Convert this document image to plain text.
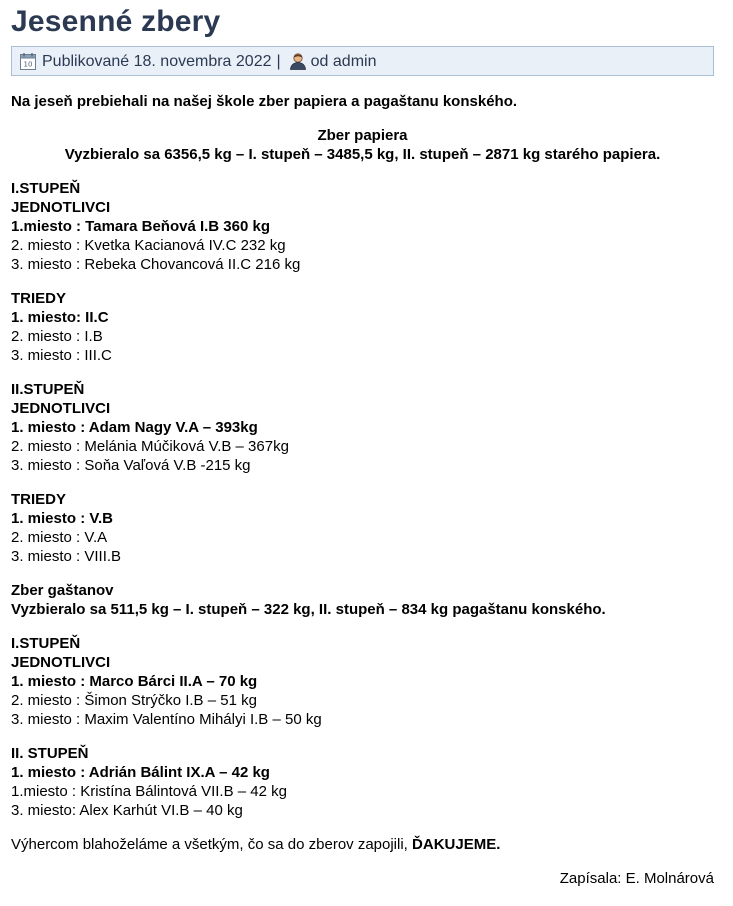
Jesenné zbery
10 Publikované 18. novembra 2022 | od admin
Na jeseň prebiehali na našej škole zber papiera a pagaštanu konského.
Zber papiera
Vyzbieralo sa 6356,5 kg – I. stupeň – 3485,5 kg, II. stupeň – 2871 kg starého papiera.
I.STUPEŇ
JEDNOTLIVCI
1.miesto : Tamara Beňová I.B 360 kg
2. miesto : Kvetka Kacianová IV.C 232 kg
3. miesto : Rebeka Chovancová II.C 216 kg
TRIEDY
1. miesto: II.C
2. miesto : I.B
3. miesto : III.C
II.STUPEŇ
JEDNOTLIVCI
1. miesto : Adam Nagy V.A – 393kg
2. miesto : Melánia Múčiková V.B – 367kg
3. miesto : Soňa Vaľová V.B -215 kg
TRIEDY
1. miesto : V.B
2. miesto : V.A
3. miesto : VIII.B
Zber gaštanov
Vyzbieralo sa 511,5 kg – I. stupeň – 322 kg, II. stupeň – 834 kg pagaštanu konského.
I.STUPEŇ
JEDNOTLIVCI
1. miesto : Marco Bárci II.A – 70 kg
2. miesto : Šimon Strýčko I.B – 51 kg
3. miesto : Maxim Valentíno Mihályi I.B – 50 kg
II. STUPEŇ
1. miesto : Adrián Bálint IX.A – 42 kg
1.miesto : Kristína Bálintová VII.B – 42 kg
3. miesto: Alex Karhút VI.B – 40 kg
Výhercom blahoželáme a všetkým, čo sa do zberov zapojili, ĎAKUJEME.
Zapísala: E. Molnárová
